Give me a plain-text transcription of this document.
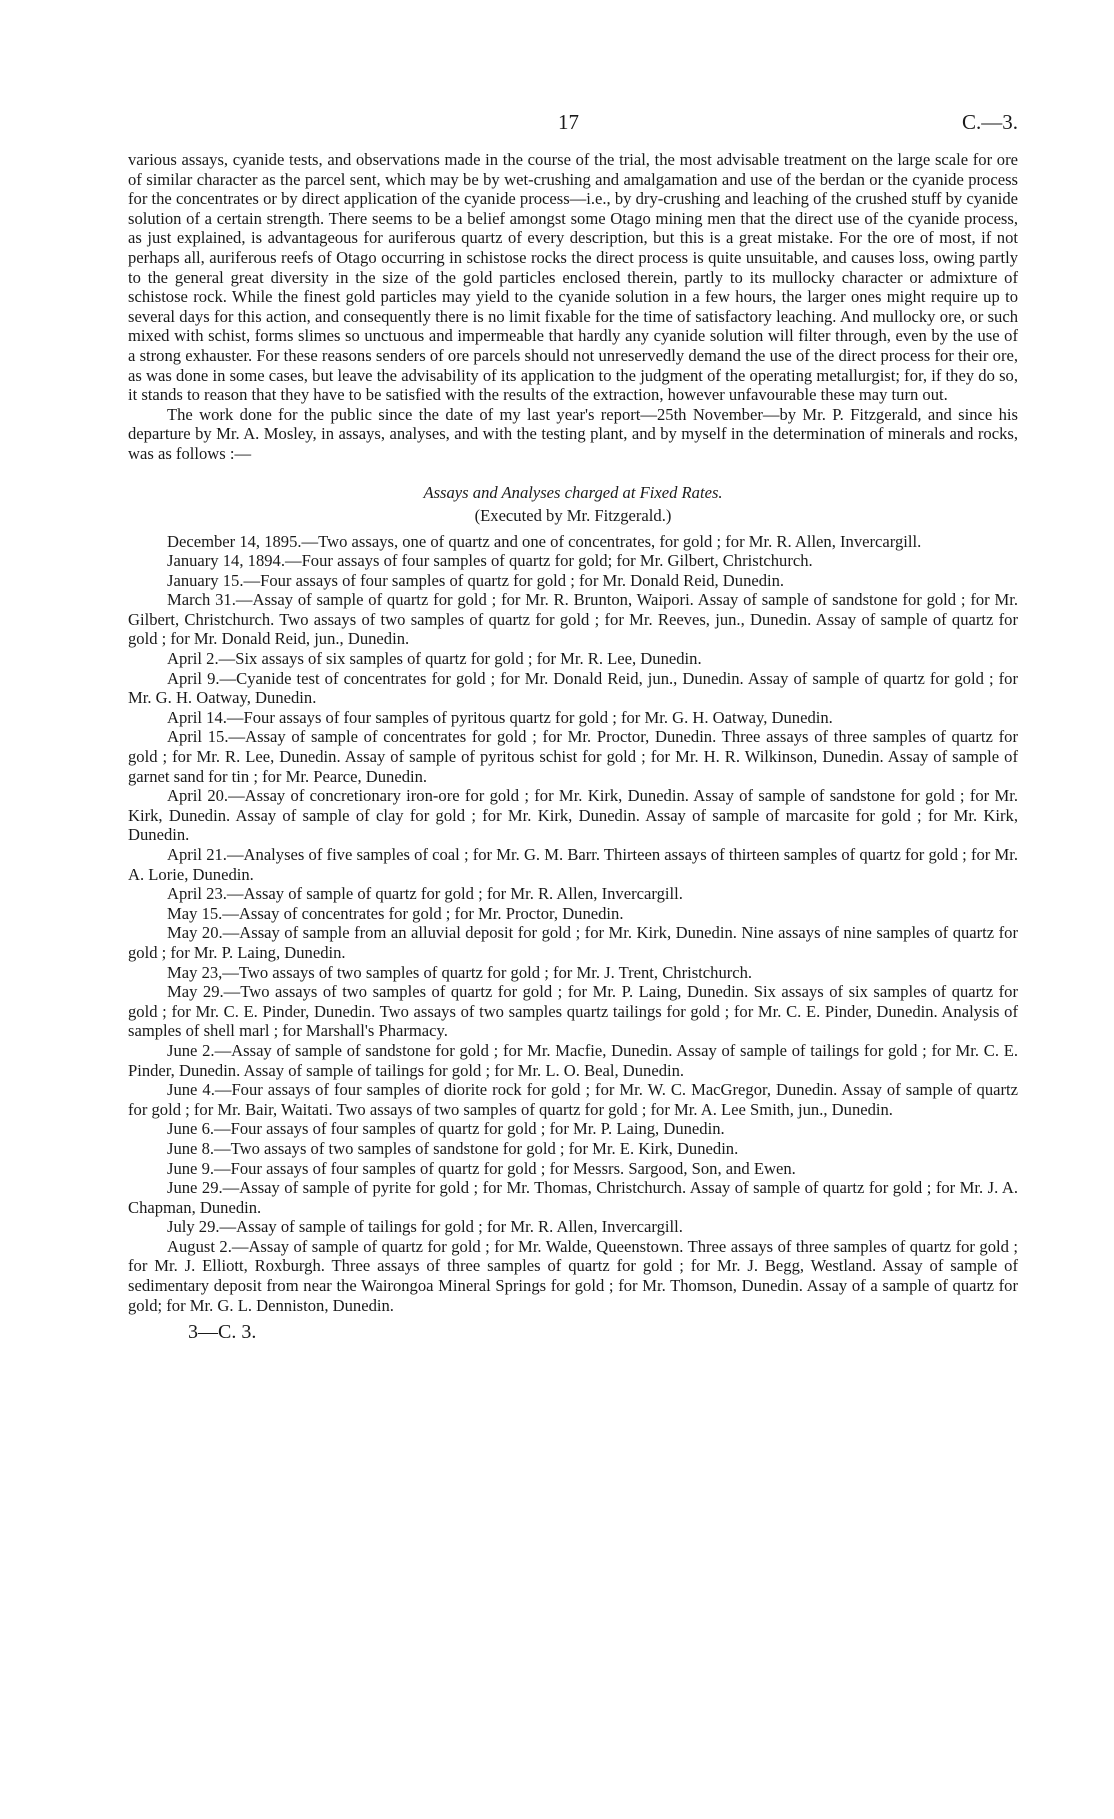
17	C.—3.

various assays, cyanide tests, and observations made in the course of the trial, the most advisable treatment on the large scale for ore of similar character as the parcel sent, which may be by wet-crushing and amalgamation and use of the berdan or the cyanide process for the concentrates or by direct application of the cyanide process—i.e., by dry-crushing and leaching of the crushed stuff by cyanide solution of a certain strength. There seems to be a belief amongst some Otago mining men that the direct use of the cyanide process, as just explained, is advantageous for auriferous quartz of every description, but this is a great mistake. For the ore of most, if not perhaps all, auriferous reefs of Otago occurring in schistose rocks the direct process is quite unsuitable, and causes loss, owing partly to the general great diversity in the size of the gold particles enclosed therein, partly to its mullocky character or admixture of schistose rock. While the finest gold particles may yield to the cyanide solution in a few hours, the larger ones might require up to several days for this action, and consequently there is no limit fixable for the time of satisfactory leaching. And mullocky ore, or such mixed with schist, forms slimes so unctuous and impermeable that hardly any cyanide solution will filter through, even by the use of a strong exhauster. For these reasons senders of ore parcels should not unreservedly demand the use of the direct process for their ore, as was done in some cases, but leave the advisability of its application to the judgment of the operating metallurgist; for, if they do so, it stands to reason that they have to be satisfied with the results of the extraction, however unfavourable these may turn out.

The work done for the public since the date of my last year's report—25th November—by Mr. P. Fitzgerald, and since his departure by Mr. A. Mosley, in assays, analyses, and with the testing plant, and by myself in the determination of minerals and rocks, was as follows :—

Assays and Analyses charged at Fixed Rates.

(Executed by Mr. Fitzgerald.)

December 14, 1895.—Two assays, one of quartz and one of concentrates, for gold ; for Mr. R. Allen, Invercargill.

January 14, 1894.—Four assays of four samples of quartz for gold; for Mr. Gilbert, Christchurch.

January 15.—Four assays of four samples of quartz for gold ; for Mr. Donald Reid, Dunedin.

March 31.—Assay of sample of quartz for gold ; for Mr. R. Brunton, Waipori. Assay of sample of sandstone for gold ; for Mr. Gilbert, Christchurch. Two assays of two samples of quartz for gold ; for Mr. Reeves, jun., Dunedin. Assay of sample of quartz for gold ; for Mr. Donald Reid, jun., Dunedin.

April 2.—Six assays of six samples of quartz for gold ; for Mr. R. Lee, Dunedin.

April 9.—Cyanide test of concentrates for gold ; for Mr. Donald Reid, jun., Dunedin. Assay of sample of quartz for gold ; for Mr. G. H. Oatway, Dunedin.

April 14.—Four assays of four samples of pyritous quartz for gold ; for Mr. G. H. Oatway, Dunedin.

April 15.—Assay of sample of concentrates for gold ; for Mr. Proctor, Dunedin. Three assays of three samples of quartz for gold ; for Mr. R. Lee, Dunedin. Assay of sample of pyritous schist for gold ; for Mr. H. R. Wilkinson, Dunedin. Assay of sample of garnet sand for tin ; for Mr. Pearce, Dunedin.

April 20.—Assay of concretionary iron-ore for gold ; for Mr. Kirk, Dunedin. Assay of sample of sandstone for gold ; for Mr. Kirk, Dunedin. Assay of sample of clay for gold ; for Mr. Kirk, Dunedin. Assay of sample of marcasite for gold ; for Mr. Kirk, Dunedin.

April 21.—Analyses of five samples of coal ; for Mr. G. M. Barr. Thirteen assays of thirteen samples of quartz for gold ; for Mr. A. Lorie, Dunedin.

April 23.—Assay of sample of quartz for gold ; for Mr. R. Allen, Invercargill.

May 15.—Assay of concentrates for gold ; for Mr. Proctor, Dunedin.

May 20.—Assay of sample from an alluvial deposit for gold ; for Mr. Kirk, Dunedin. Nine assays of nine samples of quartz for gold ; for Mr. P. Laing, Dunedin.

May 23,—Two assays of two samples of quartz for gold ; for Mr. J. Trent, Christchurch.

May 29.—Two assays of two samples of quartz for gold ; for Mr. P. Laing, Dunedin. Six assays of six samples of quartz for gold ; for Mr. C. E. Pinder, Dunedin. Two assays of two samples quartz tailings for gold ; for Mr. C. E. Pinder, Dunedin. Analysis of samples of shell marl ; for Marshall's Pharmacy.

June 2.—Assay of sample of sandstone for gold ; for Mr. Macfie, Dunedin. Assay of sample of tailings for gold ; for Mr. C. E. Pinder, Dunedin. Assay of sample of tailings for gold ; for Mr. L. O. Beal, Dunedin.

June 4.—Four assays of four samples of diorite rock for gold ; for Mr. W. C. MacGregor, Dunedin. Assay of sample of quartz for gold ; for Mr. Bair, Waitati. Two assays of two samples of quartz for gold ; for Mr. A. Lee Smith, jun., Dunedin.

June 6.—Four assays of four samples of quartz for gold ; for Mr. P. Laing, Dunedin.

June 8.—Two assays of two samples of sandstone for gold ; for Mr. E. Kirk, Dunedin.

June 9.—Four assays of four samples of quartz for gold ; for Messrs. Sargood, Son, and Ewen.

June 29.—Assay of sample of pyrite for gold ; for Mr. Thomas, Christchurch. Assay of sample of quartz for gold ; for Mr. J. A. Chapman, Dunedin.

July 29.—Assay of sample of tailings for gold ; for Mr. R. Allen, Invercargill.

August 2.—Assay of sample of quartz for gold ; for Mr. Walde, Queenstown. Three assays of three samples of quartz for gold ; for Mr. J. Elliott, Roxburgh. Three assays of three samples of quartz for gold ; for Mr. J. Begg, Westland. Assay of sample of sedimentary deposit from near the Wairongoa Mineral Springs for gold ; for Mr. Thomson, Dunedin. Assay of a sample of quartz for gold; for Mr. G. L. Denniston, Dunedin.

3—C. 3.
